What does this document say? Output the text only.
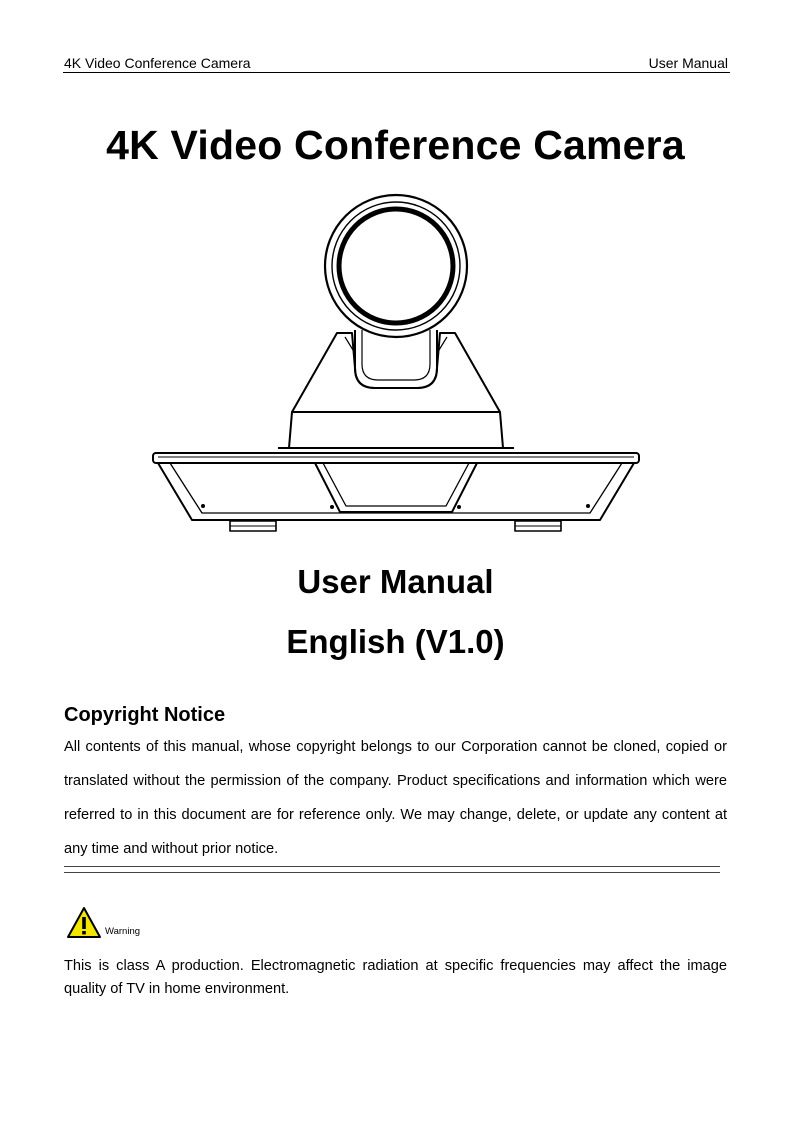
4K Video Conference Camera	User Manual
4K Video Conference Camera
User Manual
English (V1.0)
Copyright Notice
All contents of this manual, whose copyright belongs to our Corporation cannot be cloned, copied or translated without the permission of the company. Product specifications and information which were referred to in this document are for reference only. We may change, delete, or update any content at any time and without prior notice.
Warning
This is class A production. Electromagnetic radiation at specific frequencies may affect the image quality of TV in home environment.
